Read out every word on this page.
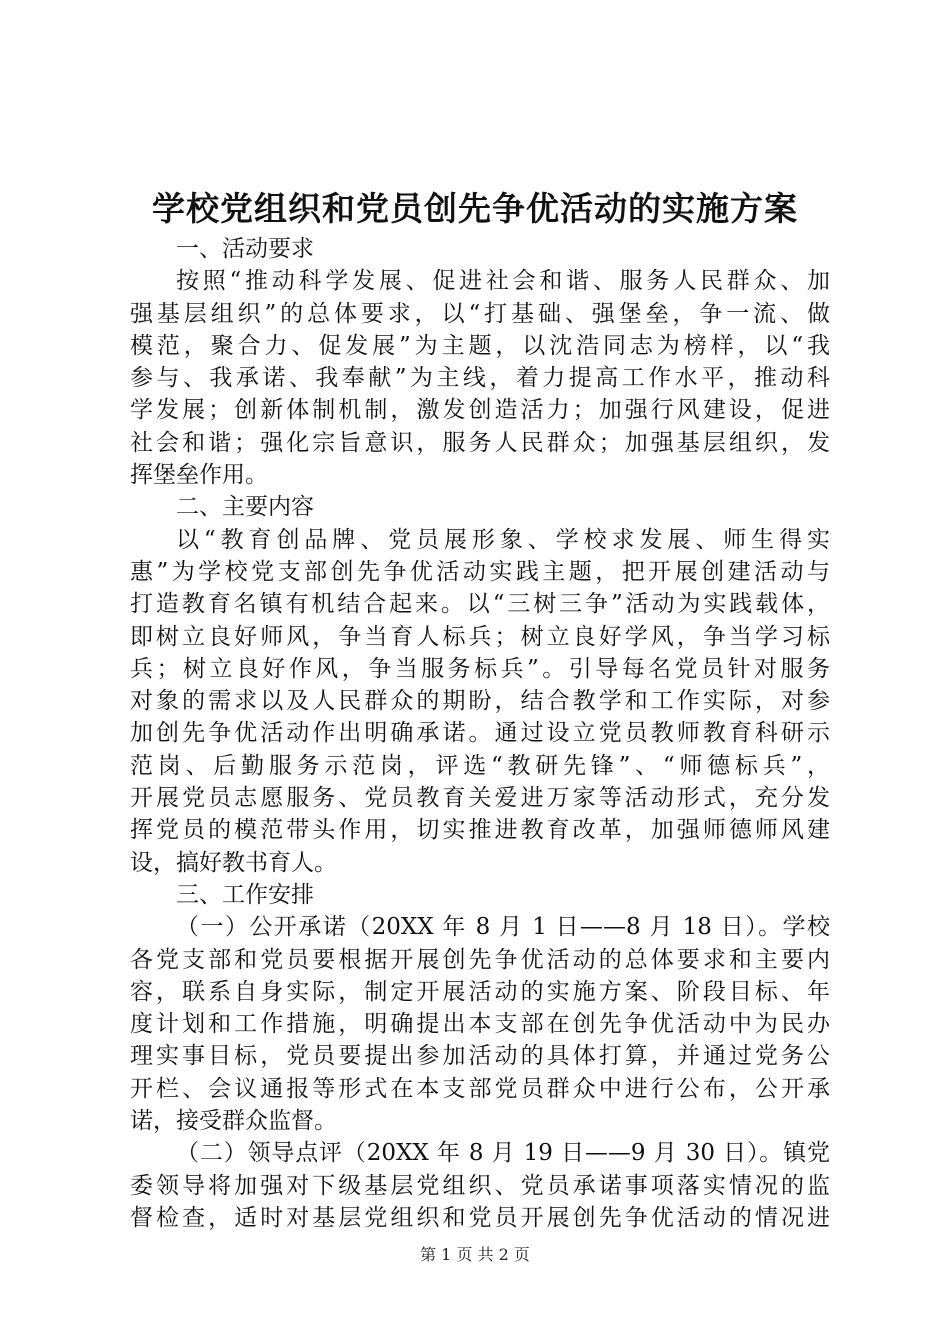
学校党组织和党员创先争优活动的实施方案
一、活动要求
按照“推动科学发展、促进社会和谐、服务人民群众、加
强基层组织”的总体要求，以“打基础、强堡垒，争一流、做
模范，聚合力、促发展”为主题，以沈浩同志为榜样，以“我
参与、我承诺、我奉献”为主线，着力提高工作水平，推动科
学发展；创新体制机制，激发创造活力；加强行风建设，促进
社会和谐；强化宗旨意识，服务人民群众；加强基层组织，发
挥堡垒作用。
二、主要内容
以“教育创品牌、党员展形象、学校求发展、师生得实
惠”为学校党支部创先争优活动实践主题，把开展创建活动与
打造教育名镇有机结合起来。以“三树三争”活动为实践载体，
即树立良好师风，争当育人标兵；树立良好学风，争当学习标
兵；树立良好作风，争当服务标兵”。引导每名党员针对服务
对象的需求以及人民群众的期盼，结合教学和工作实际，对参
加创先争优活动作出明确承诺。通过设立党员教师教育科研示
范岗、后勤服务示范岗，评选“教研先锋”、“师德标兵”，
开展党员志愿服务、党员教育关爱进万家等活动形式，充分发
挥党员的模范带头作用，切实推进教育改革，加强师德师风建
设，搞好教书育人。
三、工作安排
（一）公开承诺（20XX 年 8 月 1 日——8 月 18 日）。学校
各党支部和党员要根据开展创先争优活动的总体要求和主要内
容，联系自身实际，制定开展活动的实施方案、阶段目标、年
度计划和工作措施，明确提出本支部在创先争优活动中为民办
理实事目标，党员要提出参加活动的具体打算，并通过党务公
开栏、会议通报等形式在本支部党员群众中进行公布，公开承
诺，接受群众监督。
（二）领导点评（20XX 年 8 月 19 日——9 月 30 日）。镇党
委领导将加强对下级基层党组织、党员承诺事项落实情况的监
督检查，适时对基层党组织和党员开展创先争优活动的情况进
第 1 页 共 2 页
